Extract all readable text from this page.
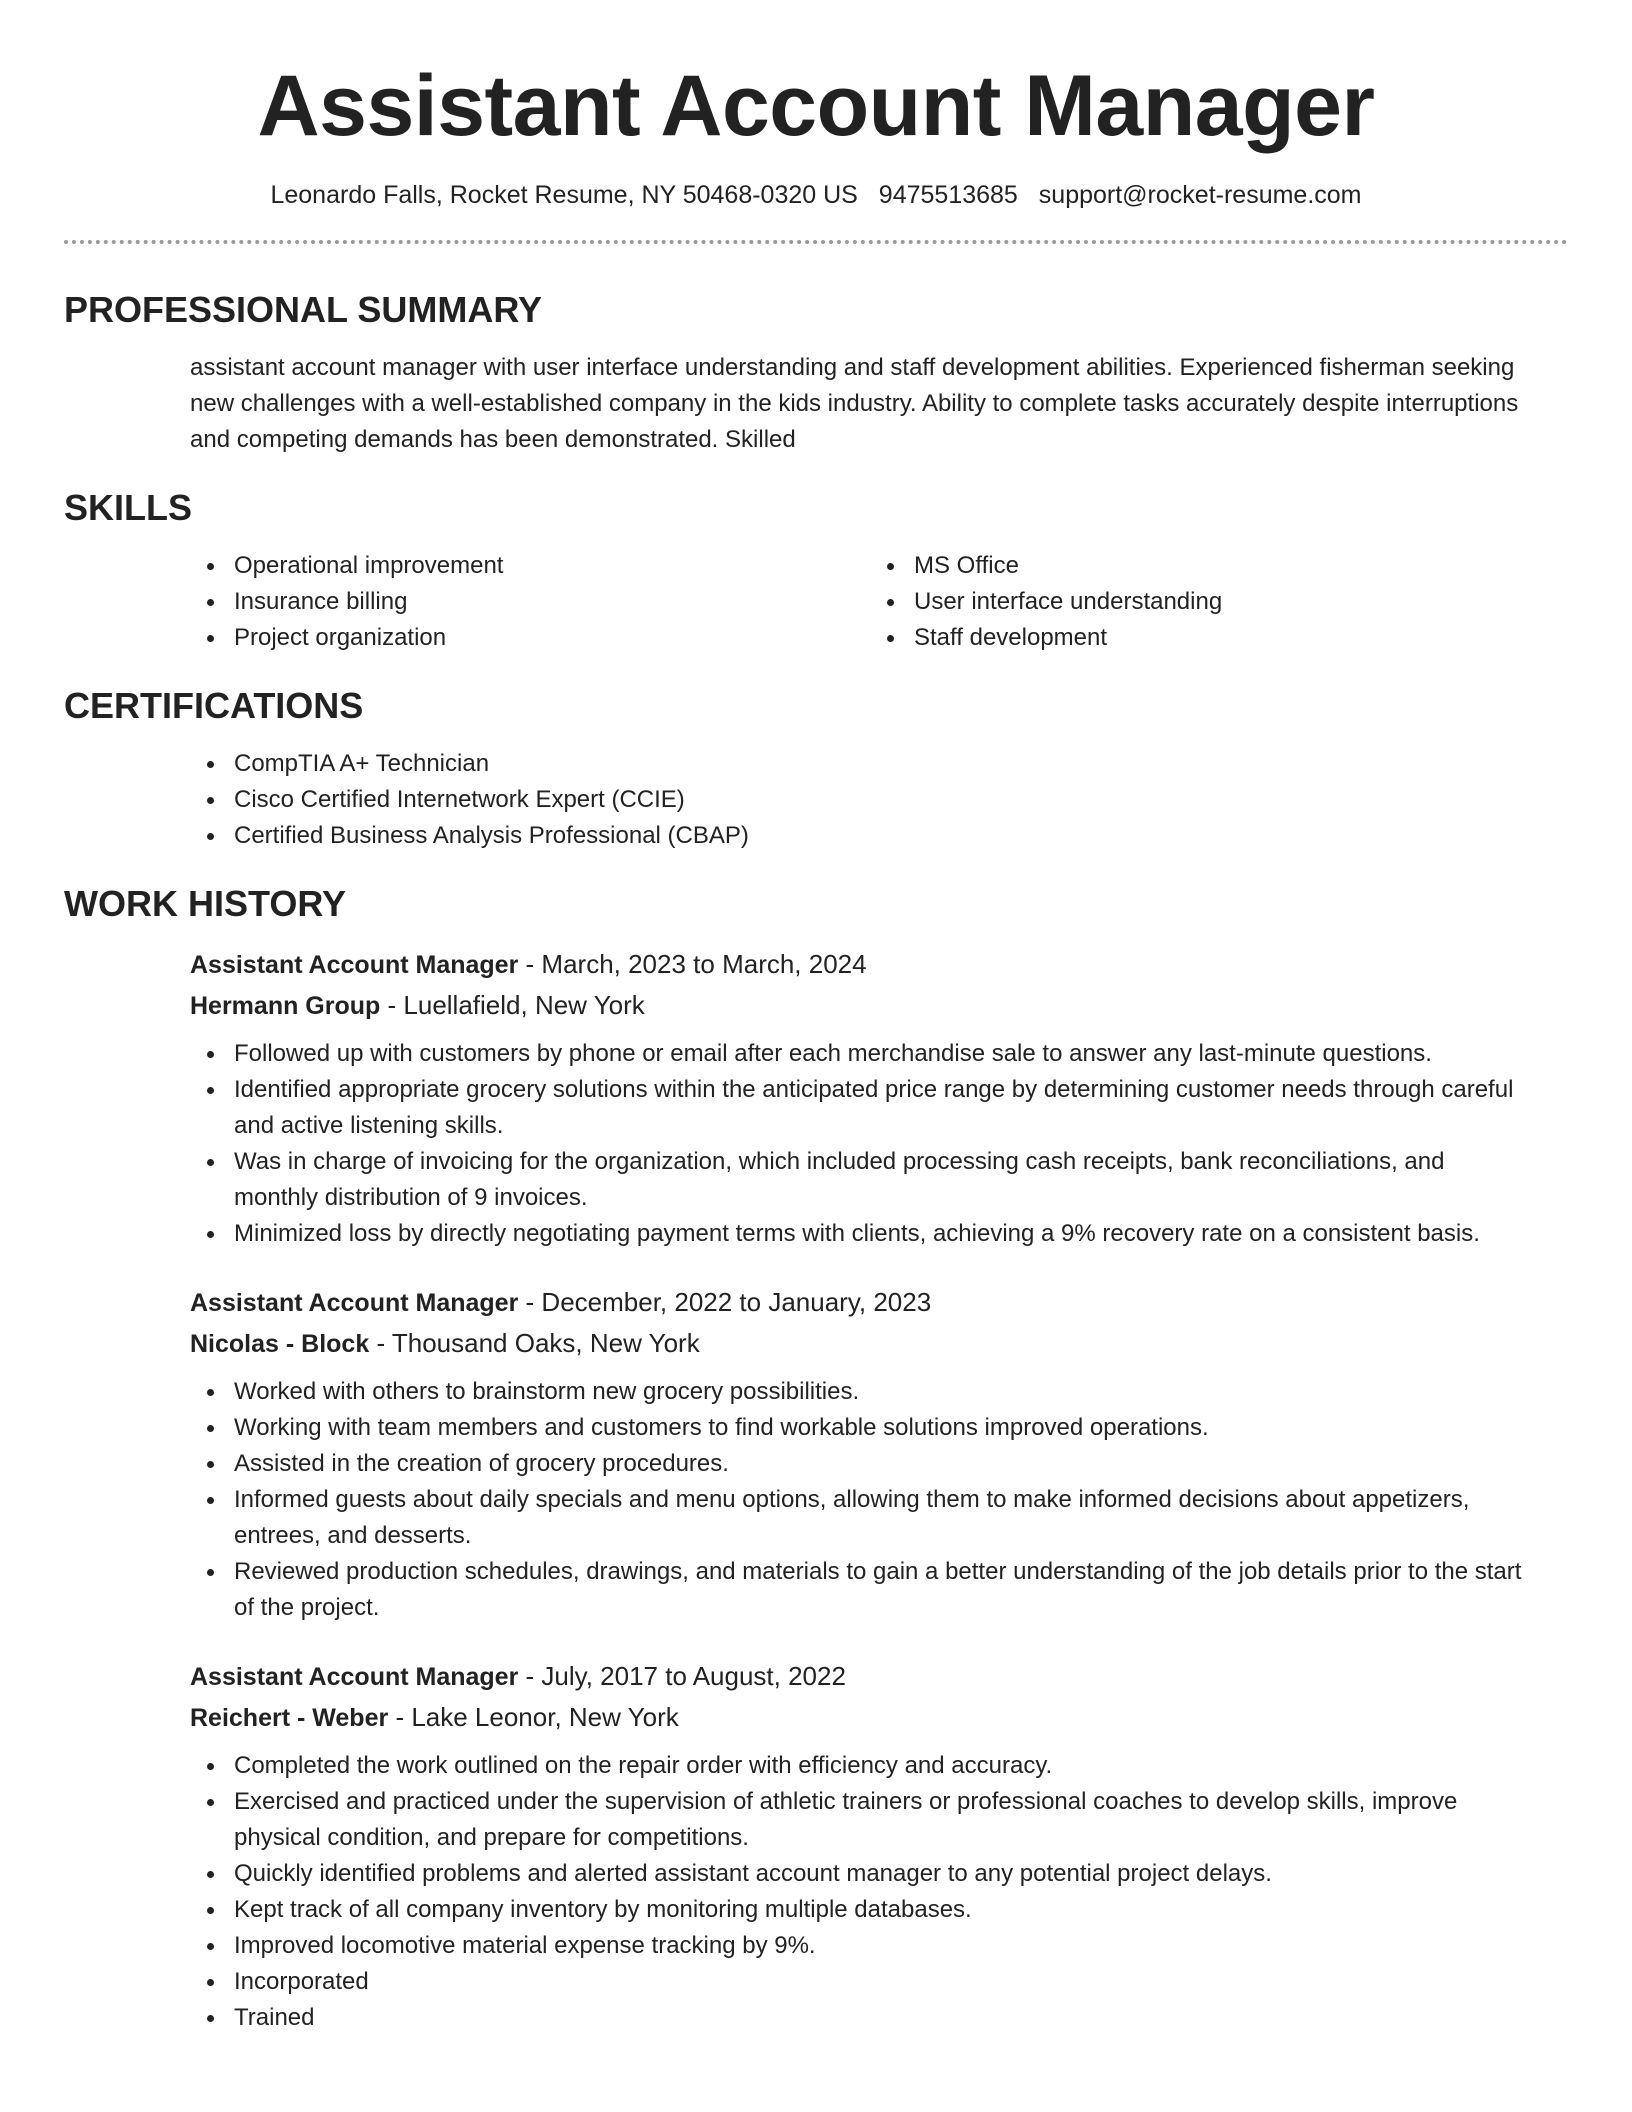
Assistant Account Manager
Leonardo Falls, Rocket Resume, NY 50468-0320 US 9475513685 support@rocket-resume.com
PROFESSIONAL SUMMARY

assistant account manager with user interface understanding and staff development abilities. Experienced fisherman seeking new challenges with a well-established company in the kids industry. Ability to complete tasks accurately despite interruptions and competing demands has been demonstrated. Skilled

SKILLS
Operational improvement
Insurance billing
Project organization
MS Office
User interface understanding
Staff development
CERTIFICATIONS
CompTIA A+ Technician
Cisco Certified Internetwork Expert (CCIE)
Certified Business Analysis Professional (CBAP)
WORK HISTORY
Assistant Account Manager - March, 2023 to March, 2024
Hermann Group - Luellafield, New York
Followed up with customers by phone or email after each merchandise sale to answer any last-minute questions.
Identified appropriate grocery solutions within the anticipated price range by determining customer needs through careful and active listening skills.
Was in charge of invoicing for the organization, which included processing cash receipts, bank reconciliations, and monthly distribution of 9 invoices.
Minimized loss by directly negotiating payment terms with clients, achieving a 9% recovery rate on a consistent basis.
Assistant Account Manager - December, 2022 to January, 2023
Nicolas - Block - Thousand Oaks, New York
Worked with others to brainstorm new grocery possibilities.
Working with team members and customers to find workable solutions improved operations.
Assisted in the creation of grocery procedures.
Informed guests about daily specials and menu options, allowing them to make informed decisions about appetizers, entrees, and desserts.
Reviewed production schedules, drawings, and materials to gain a better understanding of the job details prior to the start of the project.
Assistant Account Manager - July, 2017 to August, 2022
Reichert - Weber - Lake Leonor, New York
Completed the work outlined on the repair order with efficiency and accuracy.
Exercised and practiced under the supervision of athletic trainers or professional coaches to develop skills, improve physical condition, and prepare for competitions.
Quickly identified problems and alerted assistant account manager to any potential project delays.
Kept track of all company inventory by monitoring multiple databases.
Improved locomotive material expense tracking by 9%.
Incorporated
Trained
